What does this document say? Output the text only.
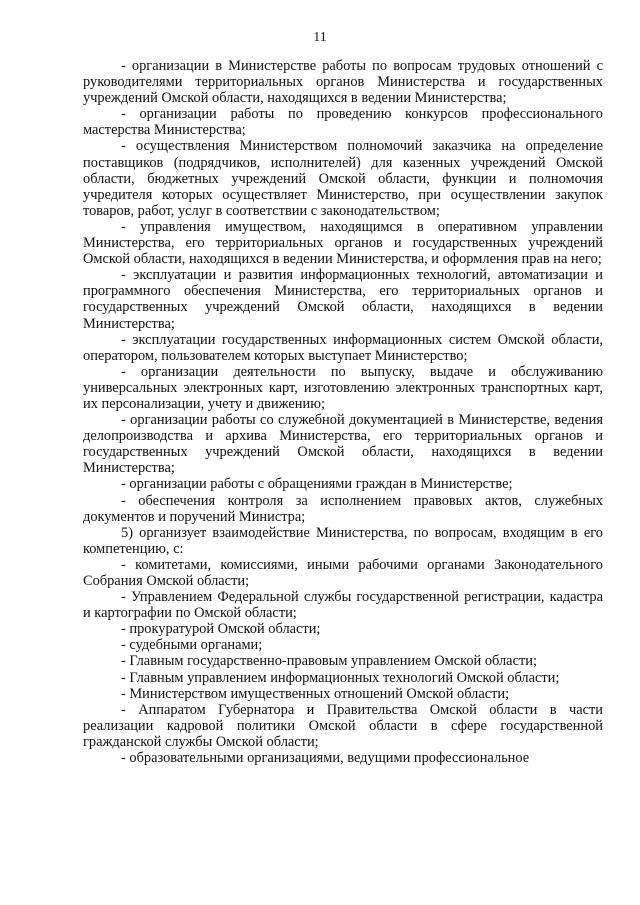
11

- организации в Министерстве работы по вопросам трудовых отношений с руководителями территориальных органов Министерства и государственных учреждений Омской области, находящихся в ведении Министерства;

- организации работы по проведению конкурсов профессионального мастерства Министерства;

- осуществления Министерством полномочий заказчика на определение поставщиков (подрядчиков, исполнителей) для казенных учреждений Омской области, бюджетных учреждений Омской области, функции и полномочия учредителя которых осуществляет Министерство, при осуществлении закупок товаров, работ, услуг в соответствии с законодательством;

- управления имуществом, находящимся в оперативном управлении Министерства, его территориальных органов и государственных учреждений Омской области, находящихся в ведении Министерства, и оформления прав на него;

- эксплуатации и развития информационных технологий, автоматизации и программного обеспечения Министерства, его территориальных органов и государственных учреждений Омской области, находящихся в ведении Министерства;

- эксплуатации государственных информационных систем Омской области, оператором, пользователем которых выступает Министерство;

- организации деятельности по выпуску, выдаче и обслуживанию универсальных электронных карт, изготовлению электронных транспортных карт, их персонализации, учету и движению;

- организации работы со служебной документацией в Министерстве, ведения делопроизводства и архива Министерства, его территориальных органов и государственных учреждений Омской области, находящихся в ведении Министерства;

- организации работы с обращениями граждан в Министерстве;

- обеспечения контроля за исполнением правовых актов, служебных документов и поручений Министра;

5) организует взаимодействие Министерства, по вопросам, входящим в его компетенцию, с:

- комитетами, комиссиями, иными рабочими органами Законодательного Собрания Омской области;

- Управлением Федеральной службы государственной регистрации, кадастра и картографии по Омской области;

- прокуратурой Омской области;

- судебными органами;

- Главным государственно-правовым управлением Омской области;

- Главным управлением информационных технологий Омской области;

- Министерством имущественных отношений Омской области;

- Аппаратом Губернатора и Правительства Омской области в части реализации кадровой политики Омской области в сфере государственной гражданской службы Омской области;

- образовательными организациями, ведущими профессиональное
